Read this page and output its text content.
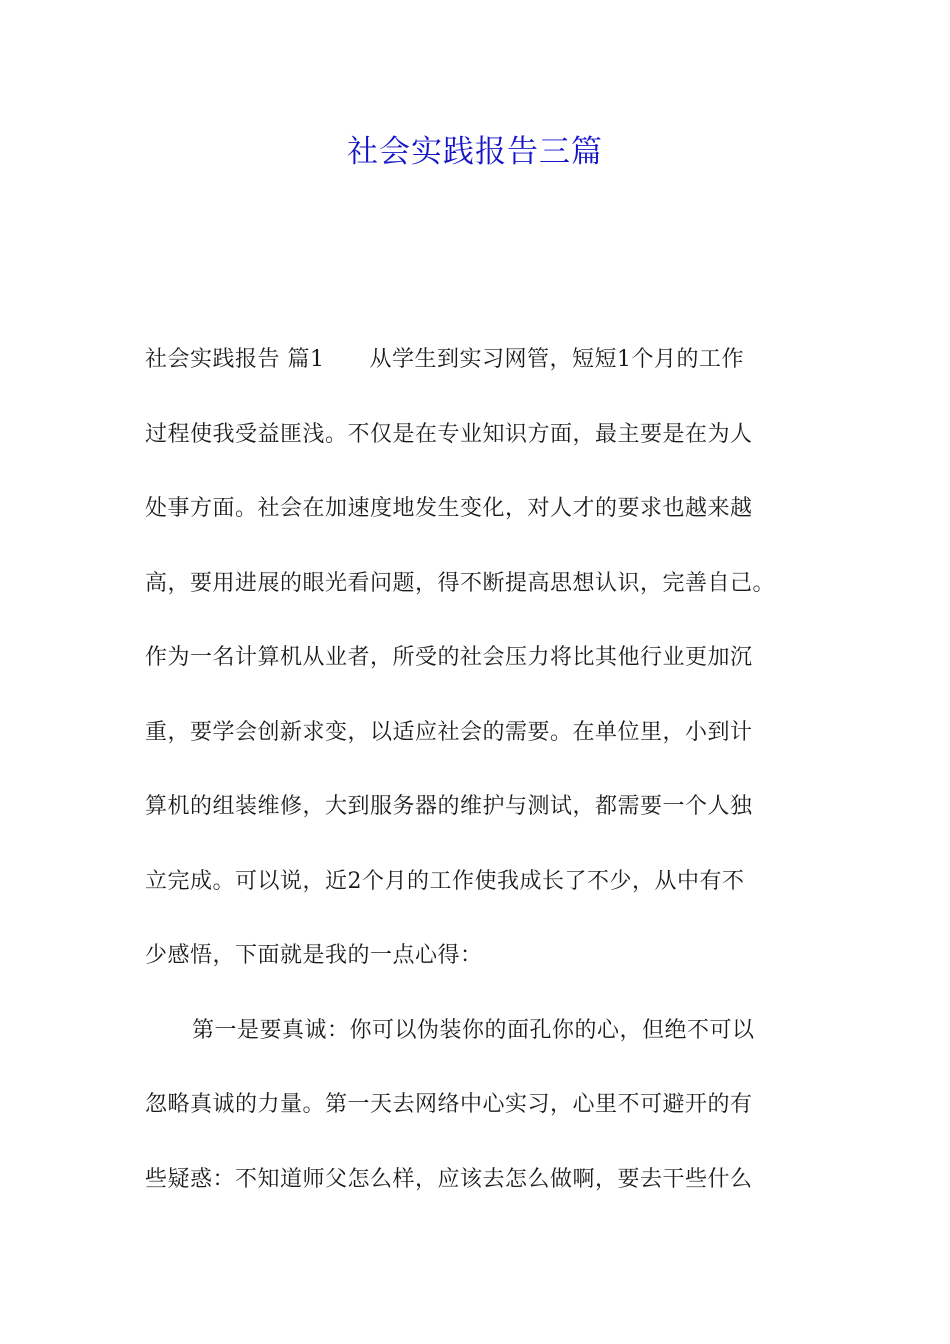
社会实践报告三篇
社会实践报告 篇1　　从学生到实习网管，短短1个月的工作
过程使我受益匪浅。不仅是在专业知识方面，最主要是在为人
处事方面。社会在加速度地发生变化，对人才的要求也越来越
高，要用进展的眼光看问题，得不断提高思想认识，完善自己。
作为一名计算机从业者，所受的社会压力将比其他行业更加沉
重，要学会创新求变，以适应社会的需要。在单位里，小到计
算机的组装维修，大到服务器的维护与测试，都需要一个人独
立完成。可以说，近2个月的工作使我成长了不少，从中有不
少感悟，下面就是我的一点心得：
第一是要真诚：你可以伪装你的面孔你的心，但绝不可以
忽略真诚的力量。第一天去网络中心实习，心里不可避开的有
些疑惑：不知道师父怎么样，应该去怎么做啊，要去干些什么
